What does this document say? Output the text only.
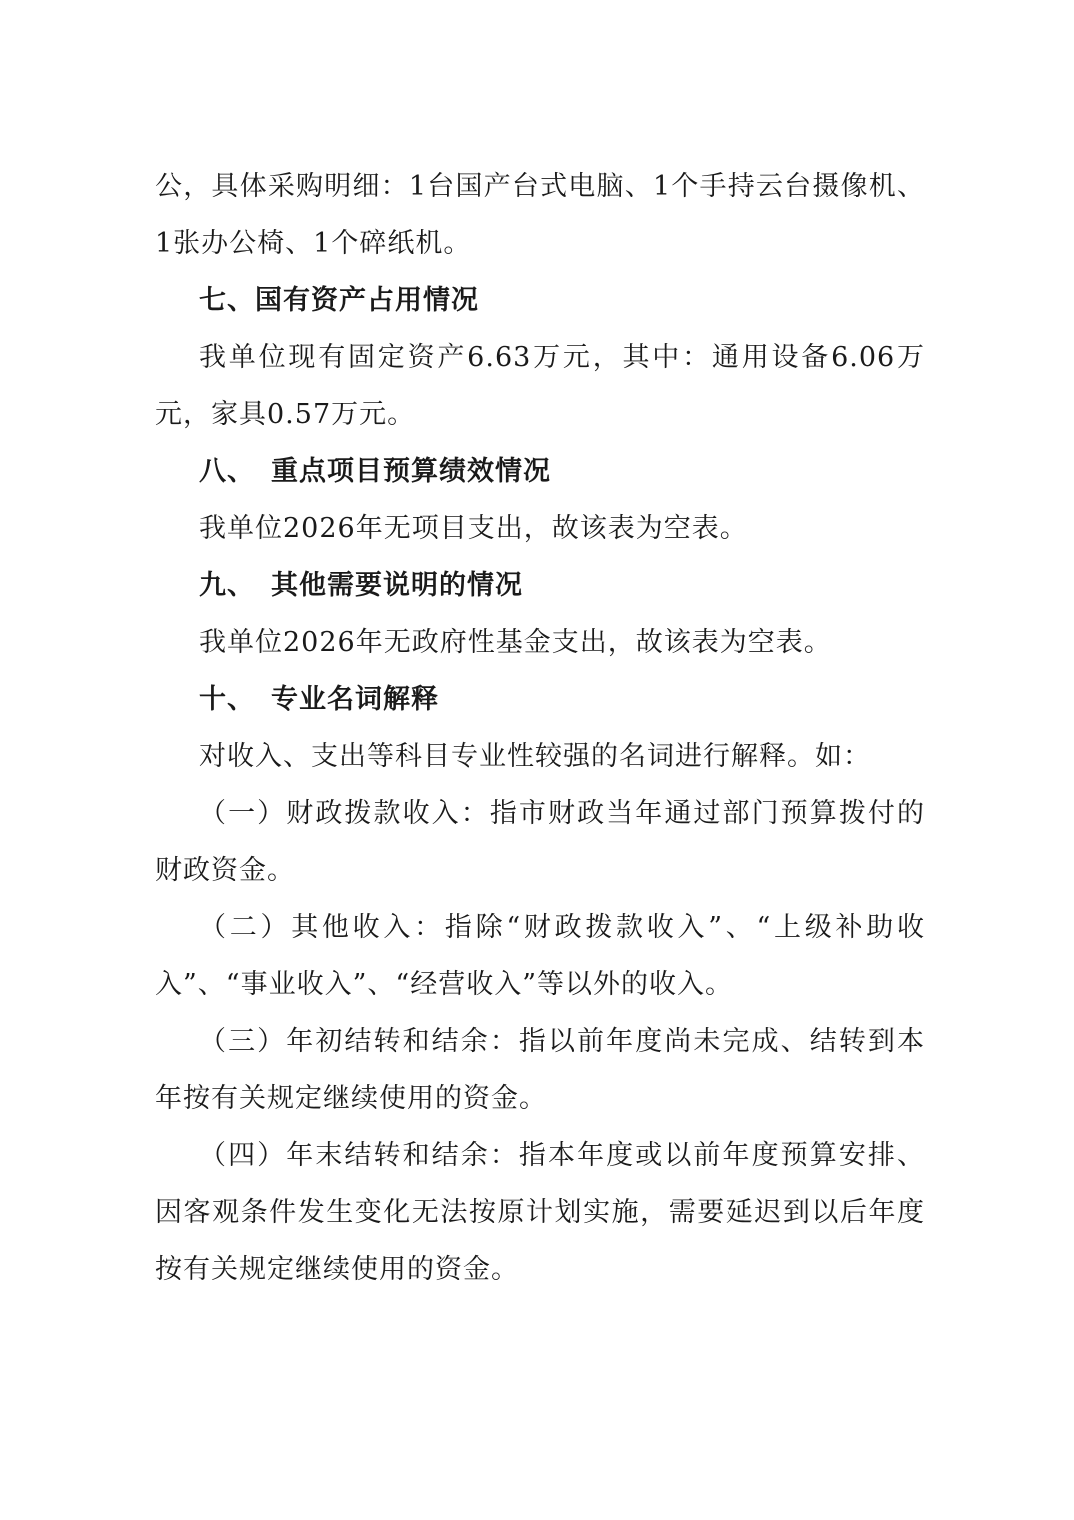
公，具体采购明细：1台国产台式电脑、1个手持云台摄像机、1张办公椅、1个碎纸机。

七、国有资产占用情况

我单位现有固定资产6.63万元，其中：通用设备6.06万元，家具0.57万元。

八、 重点项目预算绩效情况

我单位2026年无项目支出，故该表为空表。

九、 其他需要说明的情况

我单位2026年无政府性基金支出，故该表为空表。

十、 专业名词解释

对收入、支出等科目专业性较强的名词进行解释。如：

（一）财政拨款收入：指市财政当年通过部门预算拨付的财政资金。

（二）其他收入：指除“财政拨款收入”、“上级补助收入”、“事业收入”、“经营收入”等以外的收入。

（三）年初结转和结余：指以前年度尚未完成、结转到本年按有关规定继续使用的资金。

（四）年末结转和结余：指本年度或以前年度预算安排、因客观条件发生变化无法按原计划实施，需要延迟到以后年度按有关规定继续使用的资金。
